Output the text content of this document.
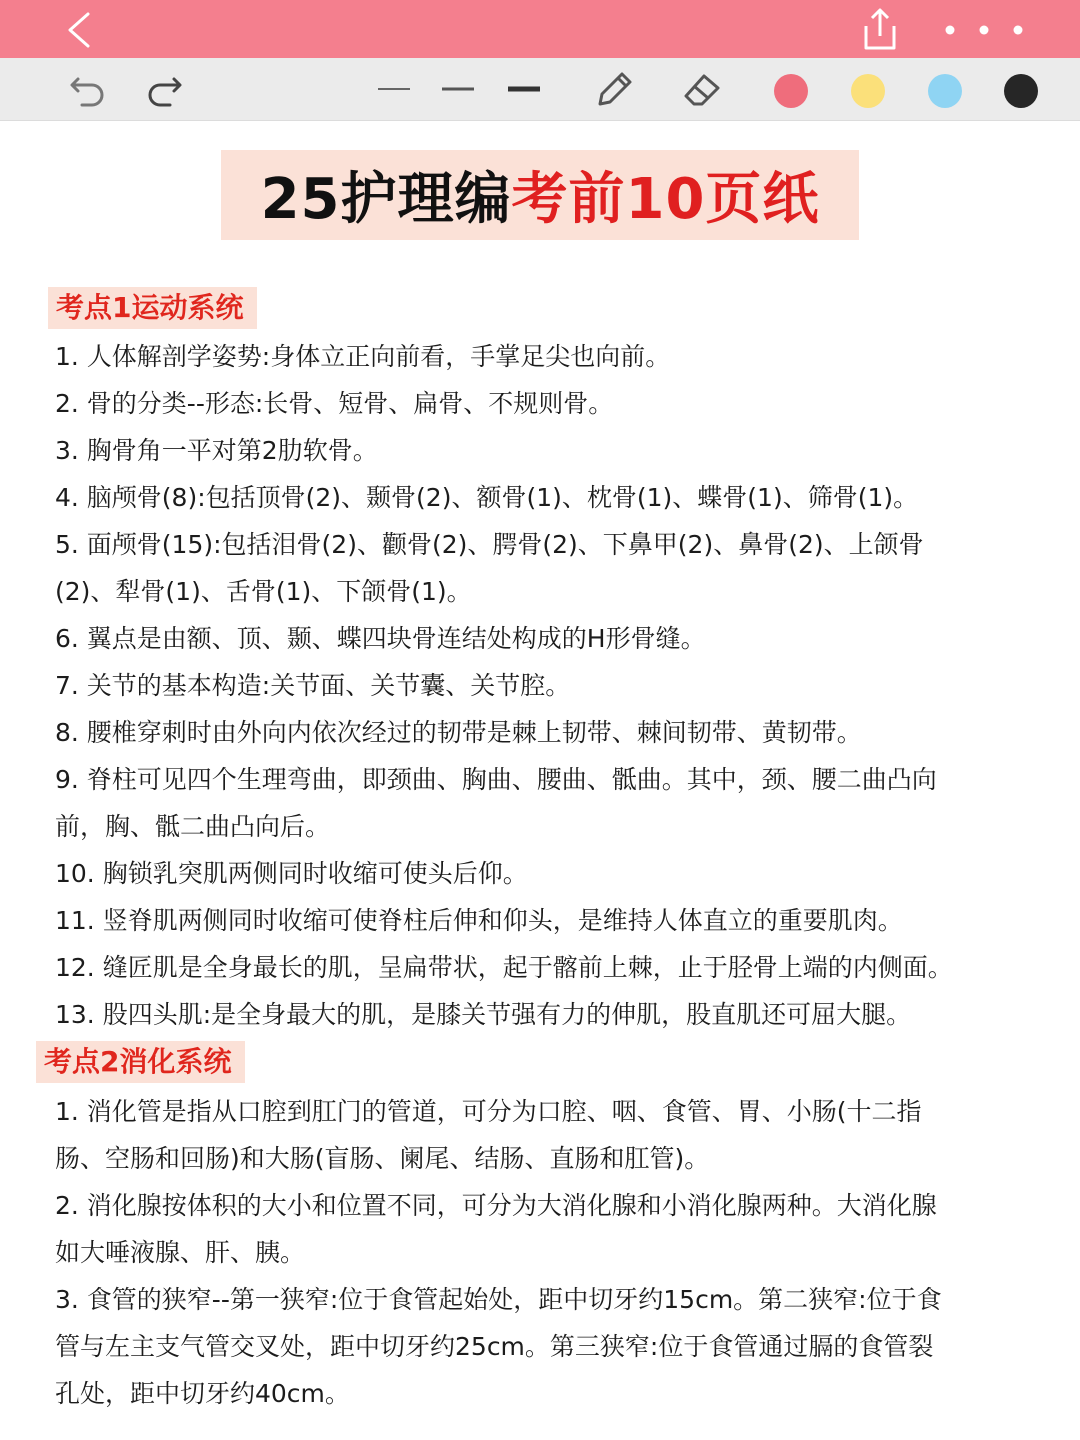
25护理编 考前10页纸
考点1运动系统
1. 人体解剖学姿势:身体立正向前看，手掌足尖也向前。
2. 骨的分类--形态:长骨、短骨、扁骨、不规则骨。
3. 胸骨角一平对第2肋软骨。
4. 脑颅骨(8):包括顶骨(2)、颞骨(2)、额骨(1)、枕骨(1)、蝶骨(1)、筛骨(1)。
5. 面颅骨(15):包括泪骨(2)、颧骨(2)、腭骨(2)、下鼻甲(2)、鼻骨(2)、上颌骨
(2)、犁骨(1)、舌骨(1)、下颌骨(1)。
6. 翼点是由额、顶、颞、蝶四块骨连结处构成的H形骨缝。
7. 关节的基本构造:关节面、关节囊、关节腔。
8. 腰椎穿刺时由外向内依次经过的韧带是棘上韧带、棘间韧带、黄韧带。
9. 脊柱可见四个生理弯曲，即颈曲、胸曲、腰曲、骶曲。其中，颈、腰二曲凸向
前，胸、骶二曲凸向后。
10. 胸锁乳突肌两侧同时收缩可使头后仰。
11. 竖脊肌两侧同时收缩可使脊柱后伸和仰头，是维持人体直立的重要肌肉。
12. 缝匠肌是全身最长的肌，呈扁带状，起于髂前上棘，止于胫骨上端的内侧面。
13. 股四头肌:是全身最大的肌，是膝关节强有力的伸肌，股直肌还可屈大腿。
考点2消化系统
1. 消化管是指从口腔到肛门的管道，可分为口腔、咽、食管、胃、小肠(十二指
肠、空肠和回肠)和大肠(盲肠、阑尾、结肠、直肠和肛管)。
2. 消化腺按体积的大小和位置不同，可分为大消化腺和小消化腺两种。大消化腺
如大唾液腺、肝、胰。
3. 食管的狭窄--第一狭窄:位于食管起始处，距中切牙约15cm。第二狭窄:位于食
管与左主支气管交叉处，距中切牙约25cm。第三狭窄:位于食管通过膈的食管裂
孔处，距中切牙约40cm。
